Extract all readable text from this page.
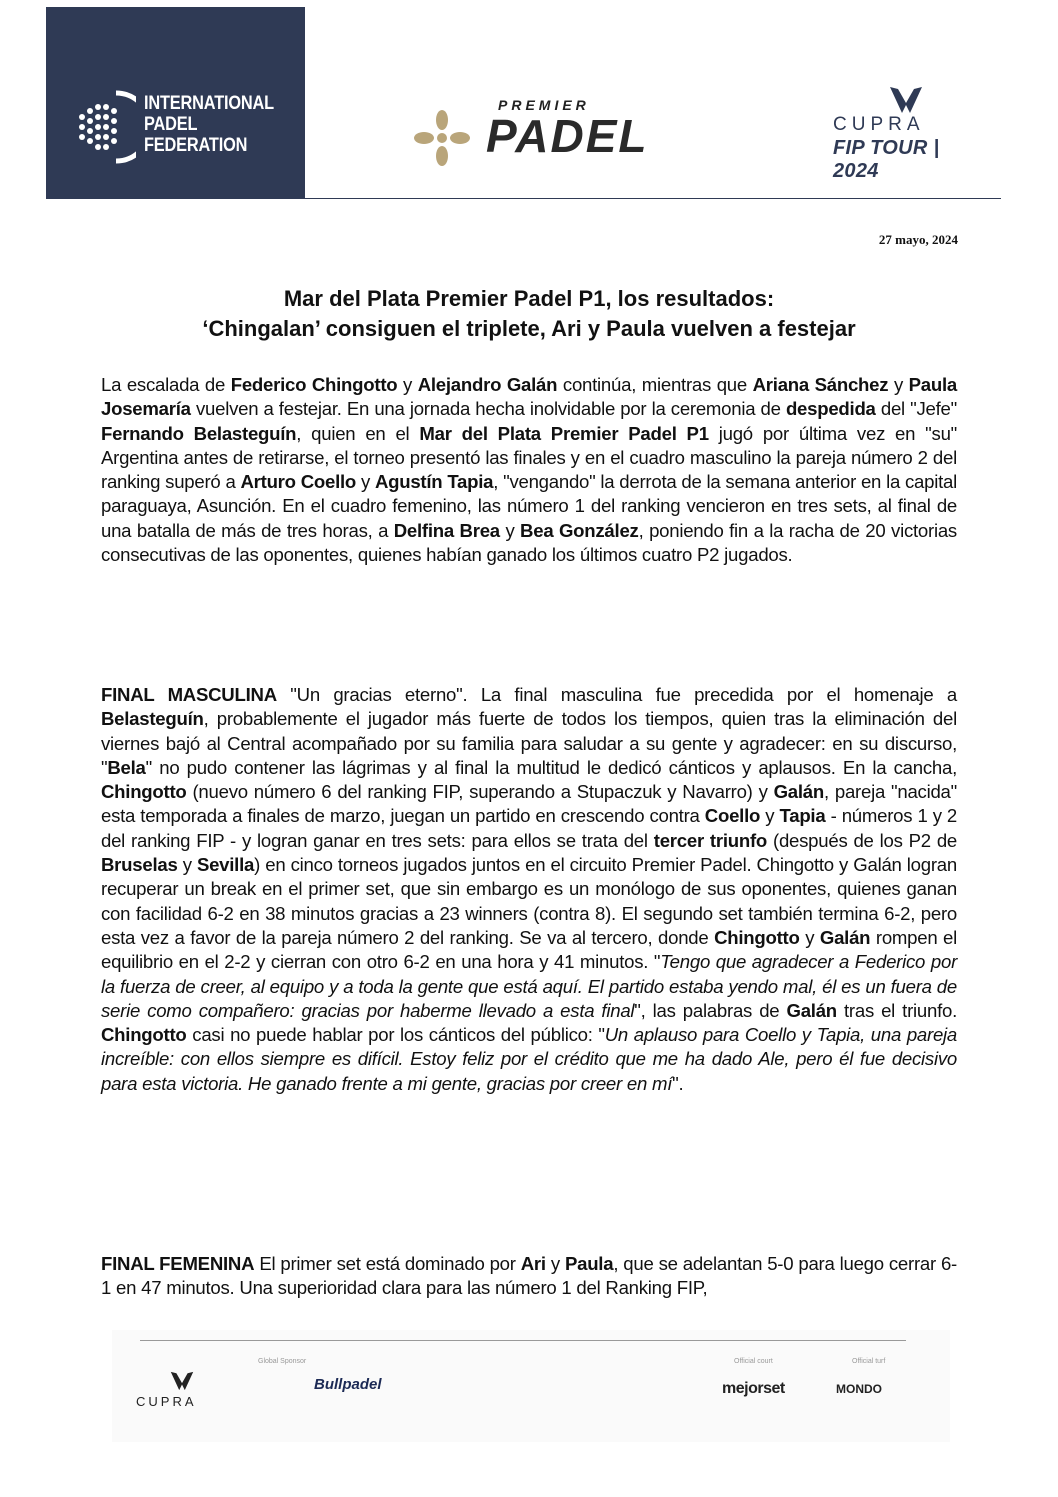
INTERNATIONAL
PADEL
FEDERATION
PREMIER
PADEL	CUPRA
FIP TOUR | 2024
27 mayo, 2024
Mar del Plata Premier Padel P1, los resultados:
‘Chingalan’ consiguen el triplete, Ari y Paula vuelven a festejar

La escalada de Federico Chingotto y Alejandro Galán continúa, mientras que Ariana Sánchez y Paula Josemaría vuelven a festejar. En una jornada hecha inolvidable por la ceremonia de despedida del "Jefe" Fernando Belasteguín, quien en el Mar del Plata Premier Padel P1 jugó por última vez en "su" Argentina antes de retirarse, el torneo presentó las finales y en el cuadro masculino la pareja número 2 del ranking superó a Arturo Coello y Agustín Tapia, "vengando" la derrota de la semana anterior en la capital paraguaya, Asunción. En el cuadro femenino, las número 1 del ranking vencieron en tres sets, al final de una batalla de más de tres horas, a Delfina Brea y Bea González, poniendo fin a la racha de 20 victorias consecutivas de las oponentes, quienes habían ganado los últimos cuatro P2 jugados.

FINAL MASCULINA "Un gracias eterno". La final masculina fue precedida por el homenaje a Belasteguín, probablemente el jugador más fuerte de todos los tiempos, quien tras la eliminación del viernes bajó al Central acompañado por su familia para saludar a su gente y agradecer: en su discurso, "Bela" no pudo contener las lágrimas y al final la multitud le dedicó cánticos y aplausos. En la cancha, Chingotto (nuevo número 6 del ranking FIP, superando a Stupaczuk y Navarro) y Galán, pareja "nacida" esta temporada a finales de marzo, juegan un partido en crescendo contra Coello y Tapia - números 1 y 2 del ranking FIP - y logran ganar en tres sets: para ellos se trata del tercer triunfo (después de los P2 de Bruselas y Sevilla) en cinco torneos jugados juntos en el circuito Premier Padel. Chingotto y Galán logran recuperar un break en el primer set, que sin embargo es un monólogo de sus oponentes, quienes ganan con facilidad 6-2 en 38 minutos gracias a 23 winners (contra 8). El segundo set también termina 6-2, pero esta vez a favor de la pareja número 2 del ranking. Se va al tercero, donde Chingotto y Galán rompen el equilibrio en el 2-2 y cierran con otro 6-2 en una hora y 41 minutos. "Tengo que agradecer a Federico por la fuerza de creer, al equipo y a toda la gente que está aquí. El partido estaba yendo mal, él es un fuera de serie como compañero: gracias por haberme llevado a esta final", las palabras de Galán tras el triunfo. Chingotto casi no puede hablar por los cánticos del público: "Un aplauso para Coello y Tapia, una pareja increíble: con ellos siempre es difícil. Estoy feliz por el crédito que me ha dado Ale, pero él fue decisivo para esta victoria. He ganado frente a mi gente, gracias por creer en mí".

FINAL FEMENINA El primer set está dominado por Ari y Paula, que se adelantan 5-0 para luego cerrar 6-1 en 47 minutos. Una superioridad clara para las número 1 del Ranking FIP,

Global Sponsor	Official court	Official turf
CUPRA
Bullpadel	mejorset	MONDO
